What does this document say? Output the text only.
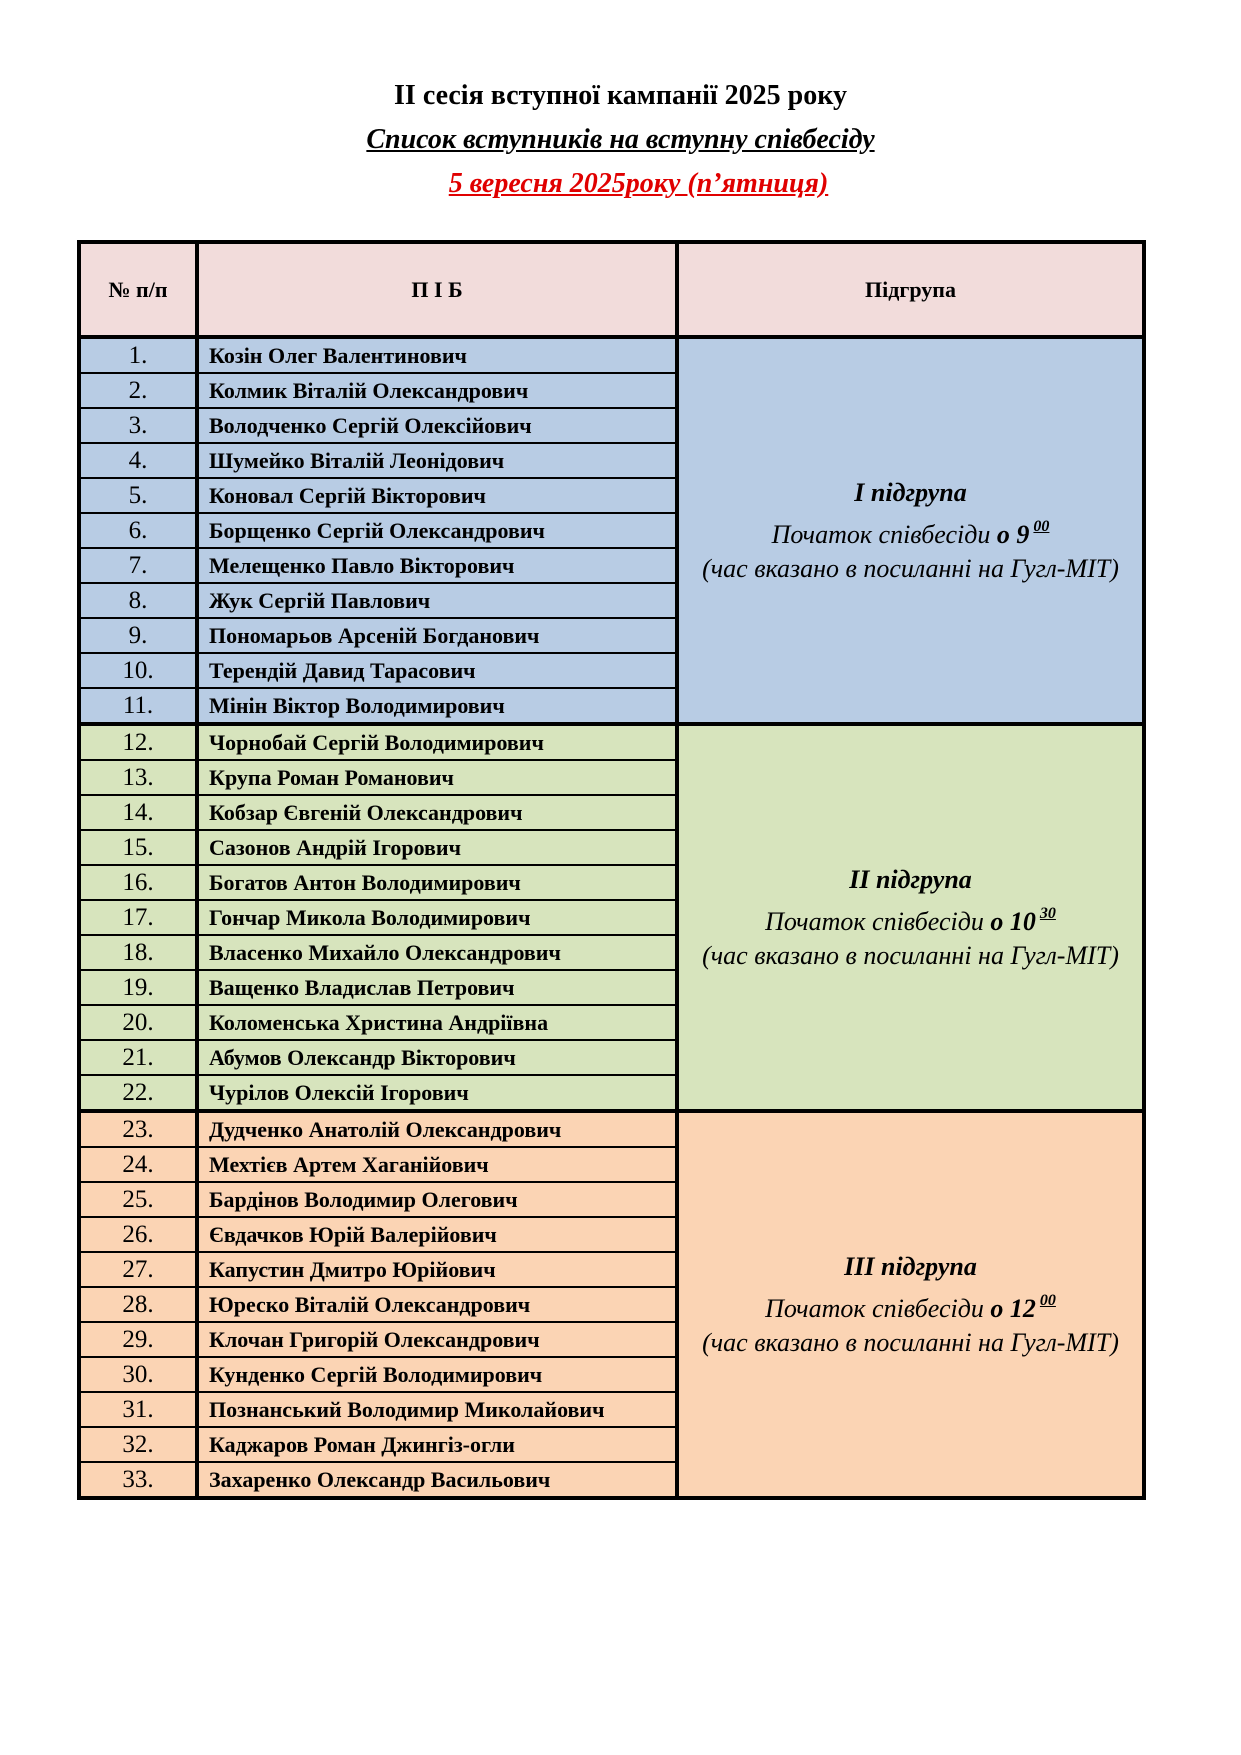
ІІ сесія вступної кампанії 2025 року
Список вступників на вступну співбесіду
5 вересня 2025року (п’ятниця)
№ п/п	П І Б	Підгрупа
1.	Козін Олег Валентинович	І підгрупа
Початок співбесіди о 9 $^{00}$
(час вказано в посиланні на Гугл-МІТ)

2.	Колмик Віталій Олександрович	
3.	Володченко Сергій Олексійович	
4.	Шумейко Віталій Леонідович	
5.	Коновал Сергій Вікторович	
6.	Борщенко Сергій Олександрович	
7.	Мелещенко Павло Вікторович	
8.	Жук Сергій Павлович	
9.	Пономарьов Арсеній Богданович	
10.	Терендій Давид Тарасович	
11.	Мінін Віктор Володимирович	
12.	Чорнобай Сергій Володимирович	ІІ підгрупа
Початок співбесіди о 10 $^{30}$
(час вказано в посиланні на Гугл-МІТ)

13.	Крупа Роман Романович	
14.	Кобзар Євгеній Олександрович	
15.	Сазонов Андрій Ігорович	
16.	Богатов Антон Володимирович	
17.	Гончар Микола Володимирович	
18.	Власенко Михайло Олександрович	
19.	Ващенко Владислав Петрович	
20.	Коломенська Христина Андріївна	
21.	Абумов Олександр Вікторович	
22.	Чурілов Олексій Ігорович	
23.	Дудченко Анатолій Олександрович	ІІІ підгрупа
Початок співбесіди о 12 $^{00}$
(час вказано в посиланні на Гугл-МІТ)

24.	Мехтієв Артем Хаганійович	
25.	Бардінов Володимир Олегович	
26.	Євдачков Юрій Валерійович	
27.	Капустин Дмитро Юрійович	
28.	Юреско Віталій Олександрович	
29.	Клочан Григорій Олександрович	
30.	Кунденко Сергій Володимирович	
31.	Познанський Володимир Миколайович	
32.	Каджаров Роман Джингіз-огли	
33.	Захаренко Олександр Васильович	
